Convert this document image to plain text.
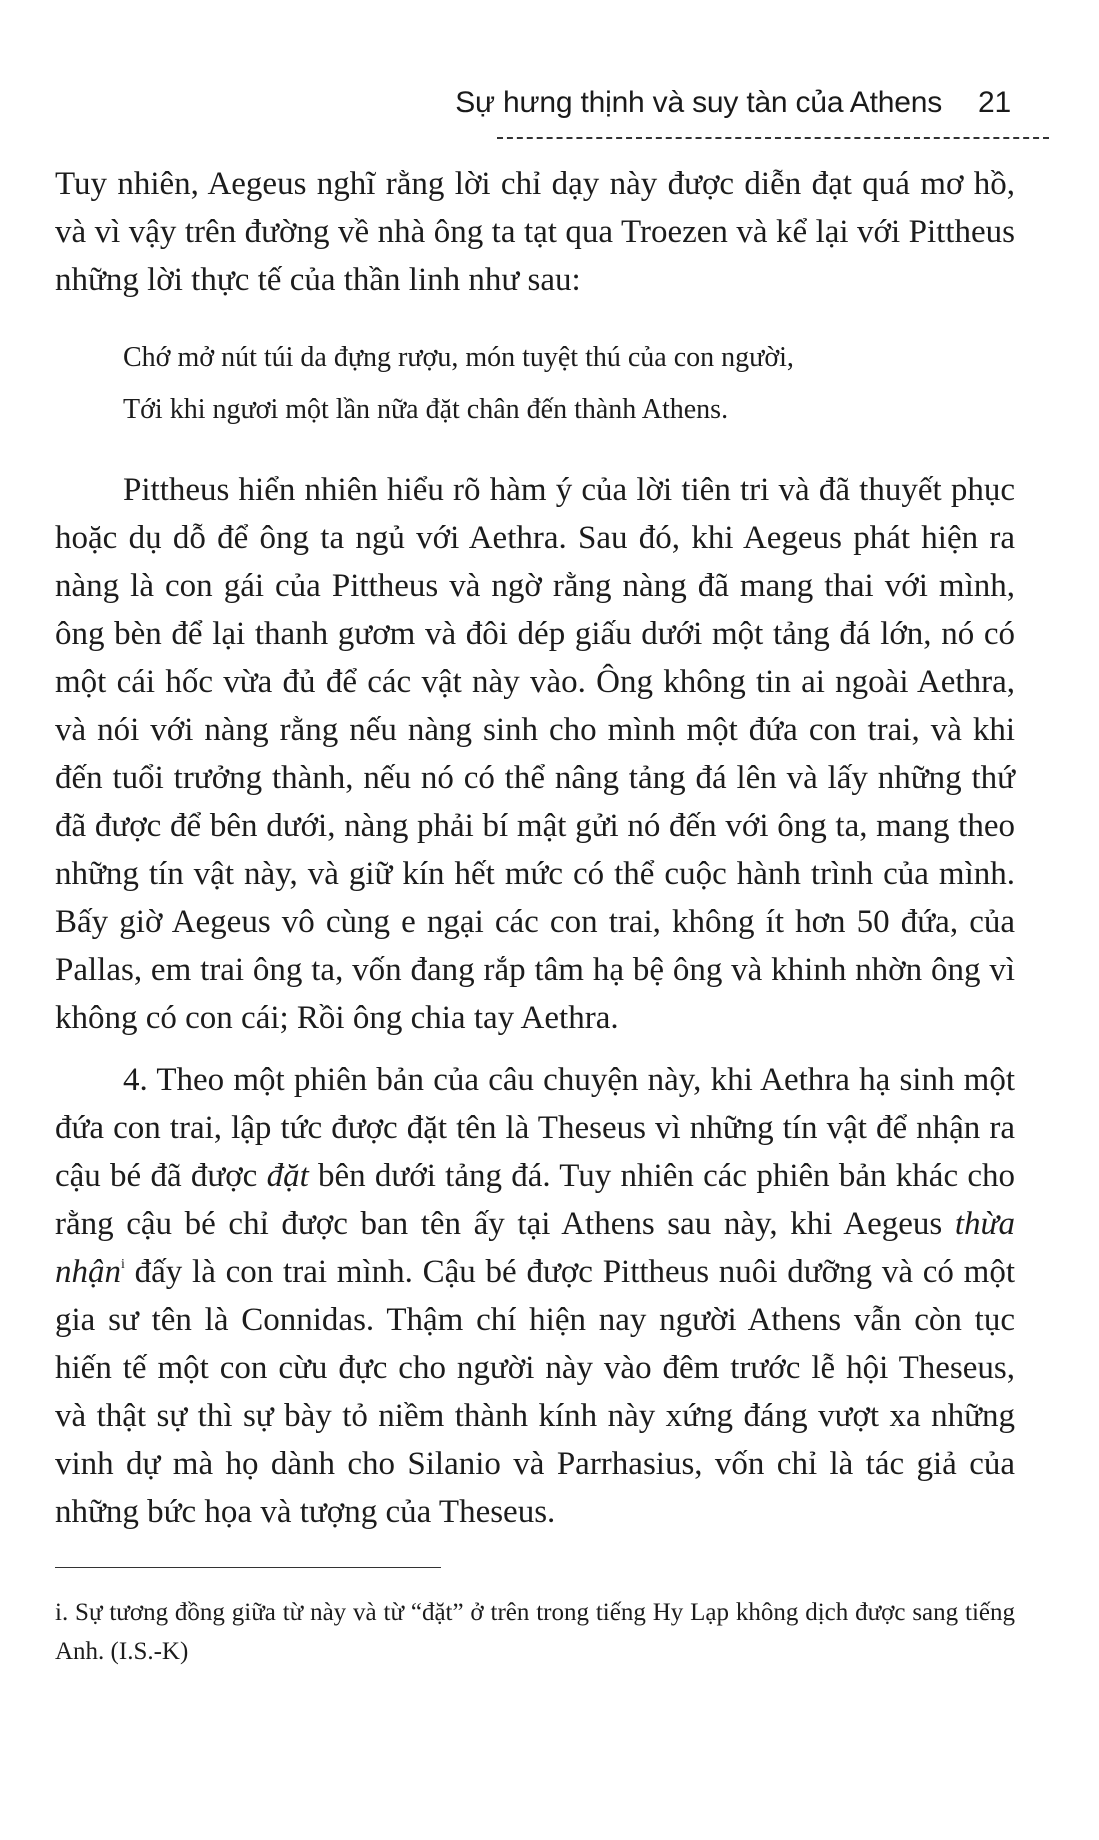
Sự hưng thịnh và suy tàn của Athens 21

Tuy nhiên, Aegeus nghĩ rằng lời chỉ dạy này được diễn đạt quá mơ hồ, và vì vậy trên đường về nhà ông ta tạt qua Troezen và kể lại với Pittheus những lời thực tế của thần linh như sau:

Chớ mở nút túi da đựng rượu, món tuyệt thú của con người,
Tới khi ngươi một lần nữa đặt chân đến thành Athens.

Pittheus hiển nhiên hiểu rõ hàm ý của lời tiên tri và đã thuyết phục hoặc dụ dỗ để ông ta ngủ với Aethra. Sau đó, khi Aegeus phát hiện ra nàng là con gái của Pittheus và ngờ rằng nàng đã mang thai với mình, ông bèn để lại thanh gươm và đôi dép giấu dưới một tảng đá lớn, nó có một cái hốc vừa đủ để các vật này vào. Ông không tin ai ngoài Aethra, và nói với nàng rằng nếu nàng sinh cho mình một đứa con trai, và khi đến tuổi trưởng thành, nếu nó có thể nâng tảng đá lên và lấy những thứ đã được để bên dưới, nàng phải bí mật gửi nó đến với ông ta, mang theo những tín vật này, và giữ kín hết mức có thể cuộc hành trình của mình. Bấy giờ Aegeus vô cùng e ngại các con trai, không ít hơn 50 đứa, của Pallas, em trai ông ta, vốn đang rắp tâm hạ bệ ông và khinh nhờn ông vì không có con cái; Rồi ông chia tay Aethra.

4. Theo một phiên bản của câu chuyện này, khi Aethra hạ sinh một đứa con trai, lập tức được đặt tên là Theseus vì những tín vật để nhận ra cậu bé đã được đặt bên dưới tảng đá. Tuy nhiên các phiên bản khác cho rằng cậu bé chỉ được ban tên ấy tại Athens sau này, khi Aegeus thừa nhận$^i$ đấy là con trai mình. Cậu bé được Pittheus nuôi dưỡng và có một gia sư tên là Connidas. Thậm chí hiện nay người Athens vẫn còn tục hiến tế một con cừu đực cho người này vào đêm trước lễ hội Theseus, và thật sự thì sự bày tỏ niềm thành kính này xứng đáng vượt xa những vinh dự mà họ dành cho Silanio và Parrhasius, vốn chỉ là tác giả của những bức họa và tượng của Theseus.

i. Sự tương đồng giữa từ này và từ “đặt” ở trên trong tiếng Hy Lạp không dịch được sang tiếng Anh. (I.S.-K)
